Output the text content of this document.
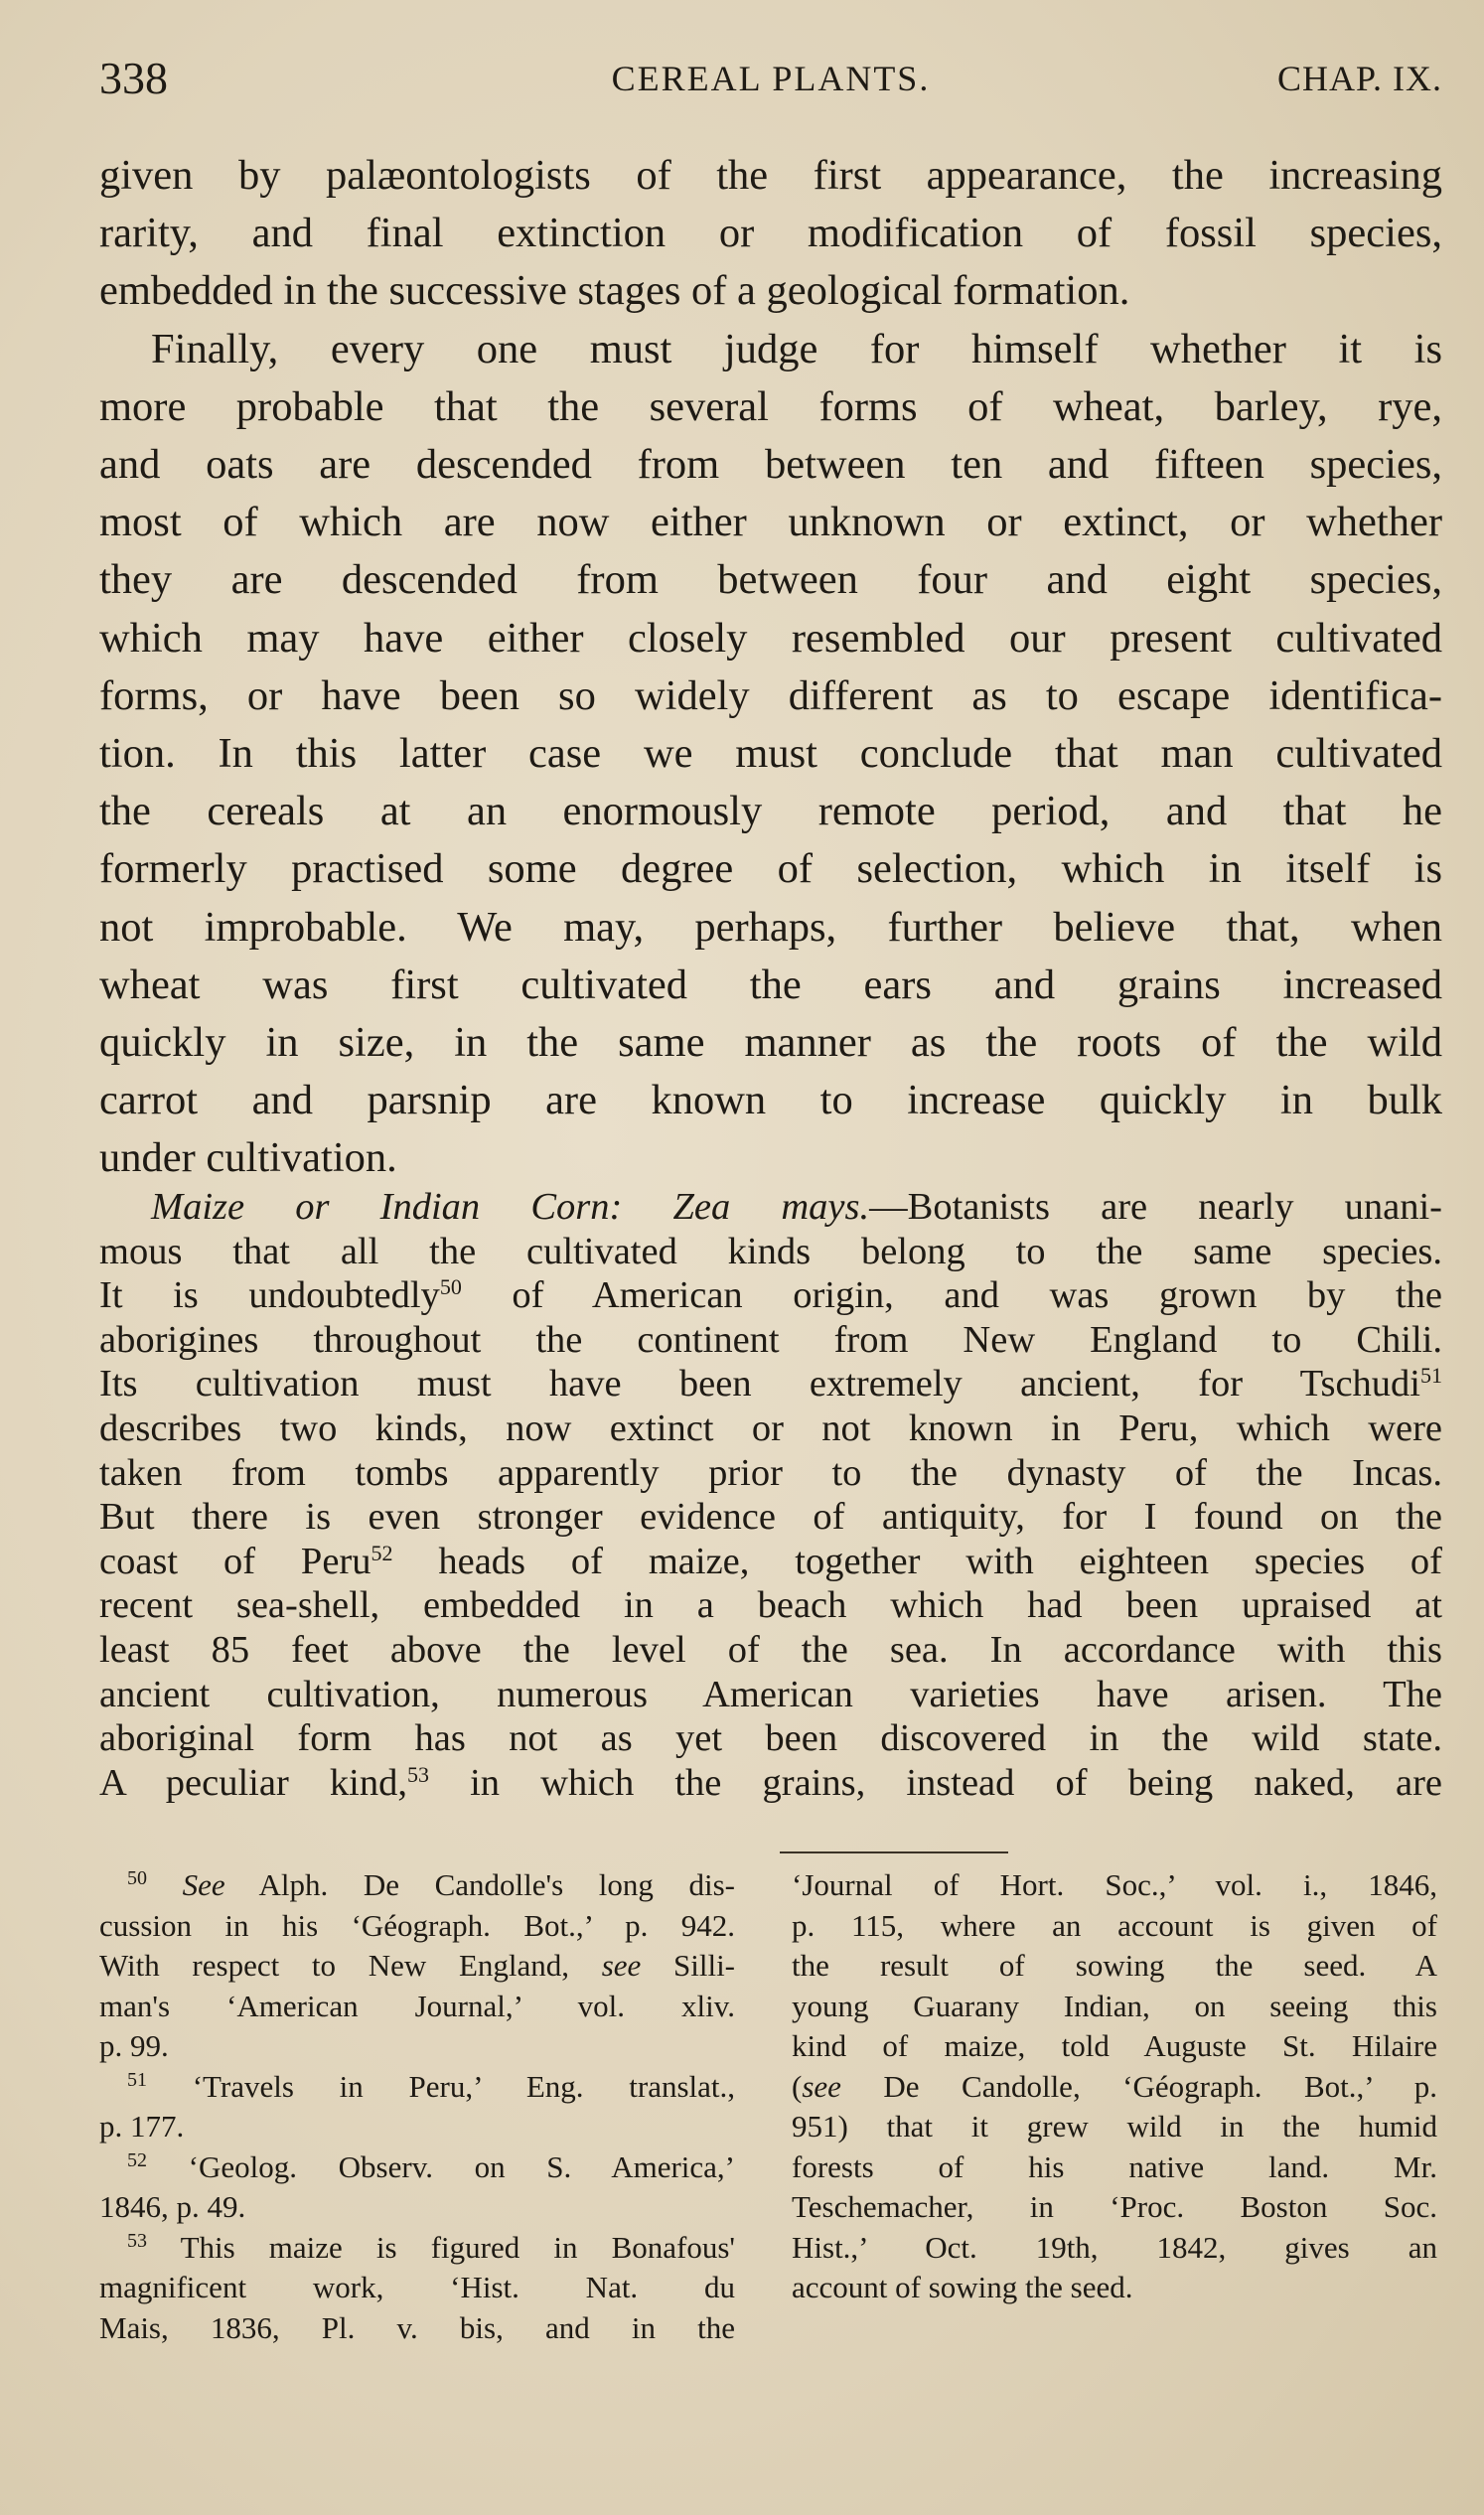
338	CEREAL PLANTS.	CHAP. IX.

given by palæontologists of the first appearance, the increasing

rarity, and final extinction or modification of fossil species,

embedded in the successive stages of a geological formation.

Finally, every one must judge for himself whether it is

more probable that the several forms of wheat, barley, rye,

and oats are descended from between ten and fifteen species,

most of which are now either unknown or extinct, or whether

they are descended from between four and eight species,

which may have either closely resembled our present cultivated

forms, or have been so widely different as to escape identifica-

tion. In this latter case we must conclude that man cultivated

the cereals at an enormously remote period, and that he

formerly practised some degree of selection, which in itself is

not improbable. We may, perhaps, further believe that, when

wheat was first cultivated the ears and grains increased

quickly in size, in the same manner as the roots of the wild

carrot and parsnip are known to increase quickly in bulk

under cultivation.

Maize or Indian Corn: Zea mays.—Botanists are nearly unani-

mous that all the cultivated kinds belong to the same species.
It is undoubtedly$^{50}$ of American origin, and was grown by the
aborigines throughout the continent from New England to Chili.
Its cultivation must have been extremely ancient, for Tschudi$^{51}$
describes two kinds, now extinct or not known in Peru, which were
taken from tombs apparently prior to the dynasty of the Incas.
But there is even stronger evidence of antiquity, for I found on the
coast of Peru$^{52}$ heads of maize, together with eighteen species of
recent sea-shell, embedded in a beach which had been upraised at
least 85 feet above the level of the sea. In accordance with this
ancient cultivation, numerous American varieties have arisen. The
aboriginal form has not as yet been discovered in the wild state.
A peculiar kind,$^{53}$ in which the grains, instead of being naked, are

$^{50}$ See Alph. De Candolle's long dis-

cussion in his ‘Géograph. Bot.,’ p. 942.

With respect to New England, see Silli-

man's ‘American Journal,’ vol. xliv.

p. 99.

$^{51}$ ‘Travels in Peru,’ Eng. translat.,

p. 177.

$^{52}$ ‘Geolog. Observ. on S. America,’

1846, p. 49.

$^{53}$ This maize is figured in Bonafous'

magnificent work, ‘Hist. Nat. du

Mais, 1836, Pl. v. bis, and in the

‘Journal of Hort. Soc.,’ vol. i., 1846,

p. 115, where an account is given of

the result of sowing the seed. A

young Guarany Indian, on seeing this

kind of maize, told Auguste St. Hilaire

(see De Candolle, ‘Géograph. Bot.,’ p.

951) that it grew wild in the humid

forests of his native land. Mr.

Teschemacher, in ‘Proc. Boston Soc.

Hist.,’ Oct. 19th, 1842, gives an

account of sowing the seed.
